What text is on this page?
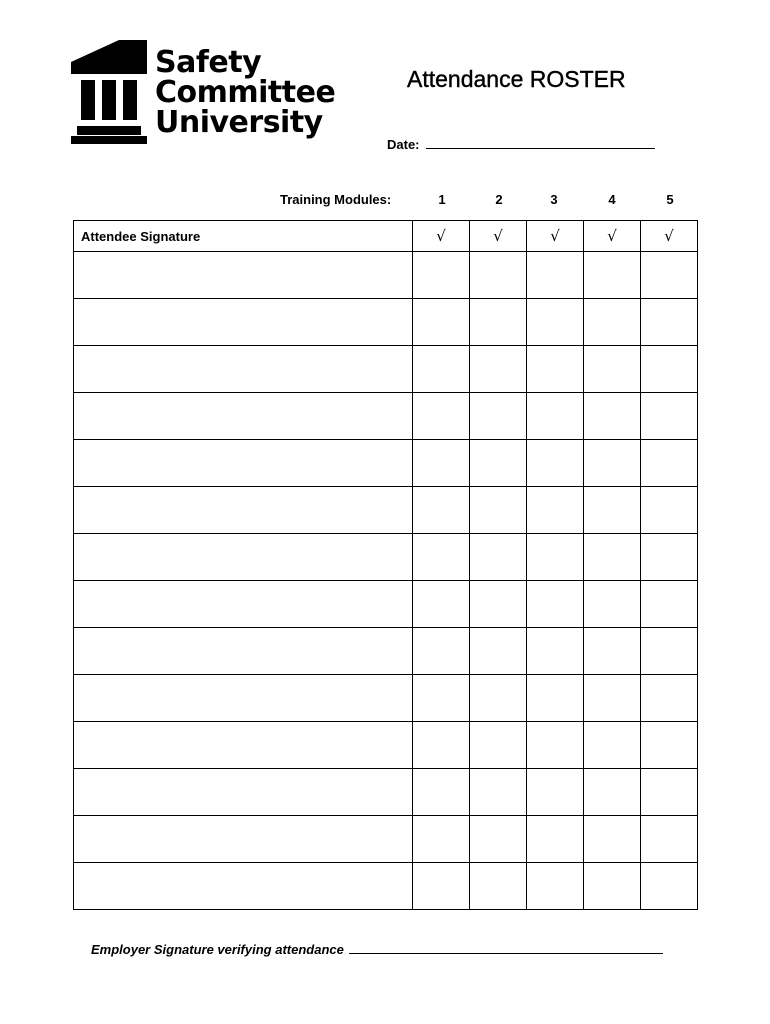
Safety
Committee
University
Attendance ROSTER
Date:
Training Modules:	1	2	3	4	5
Attendee Signature	√	√	√	√	√

Employer Signature verifying attendance
